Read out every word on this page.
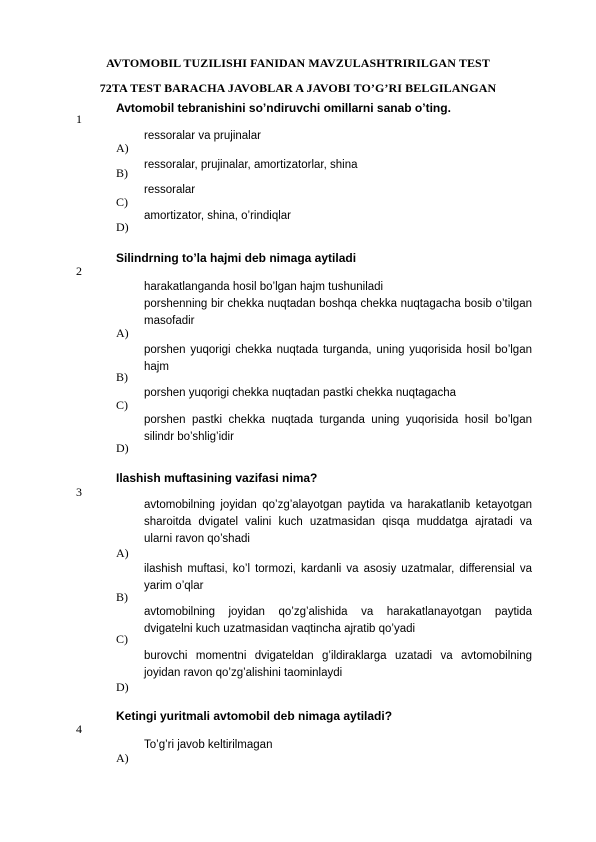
AVTOMOBIL TUZILISHI FANIDAN MAVZULASHTRIRILGAN TEST
72TA TEST BARACHA JAVOBLAR A JAVOBI TO’G’RI BELGILANGAN
1
Avtomobil tebranishini so’ndiruvchi omillarni sanab o’ting.
ressoralar va prujinalar
A)
ressoralar, prujinalar, amortizatorlar, shina
B)
ressoralar
C)
amortizator, shina, o’rindiqlar
D)
2
Silindrning to’la hajmi deb nimaga aytiladi
harakatlanganda hosil bo’lgan hajm tushuniladi
porshenning bir chekka nuqtadan boshqa chekka nuqtagacha bosib o’tilgan masofadir
A)
porshen yuqorigi chekka nuqtada turganda, uning yuqorisida hosil bo’lgan hajm
B)
porshen yuqorigi chekka nuqtadan pastki chekka nuqtagacha
C)
porshen pastki chekka nuqtada turganda uning yuqorisida hosil bo’lgan silindr bo’shlig’idir
D)
3
Ilashish muftasining vazifasi nima?
avtomobilning joyidan qo’zg’alayotgan paytida va harakatlanib ketayotgan sharoitda dvigatel valini kuch uzatmasidan qisqa muddatga ajratadi va ularni ravon qo’shadi
A)
ilashish muftasi, ko’l tormozi, kardanli va asosiy uzatmalar, differensial va yarim o’qlar
B)
avtomobilning joyidan qo’zg’alishida va harakatlanayotgan paytida dvigatelni kuch uzatmasidan vaqtincha ajratib qo’yadi
C)
burovchi momentni dvigateldan g’ildiraklarga uzatadi va avtomobilning joyidan ravon qo’zg’alishini taominlaydi
D)
4
Ketingi yuritmali avtomobil deb nimaga aytiladi?
To’g’ri javob keltirilmagan
A)
